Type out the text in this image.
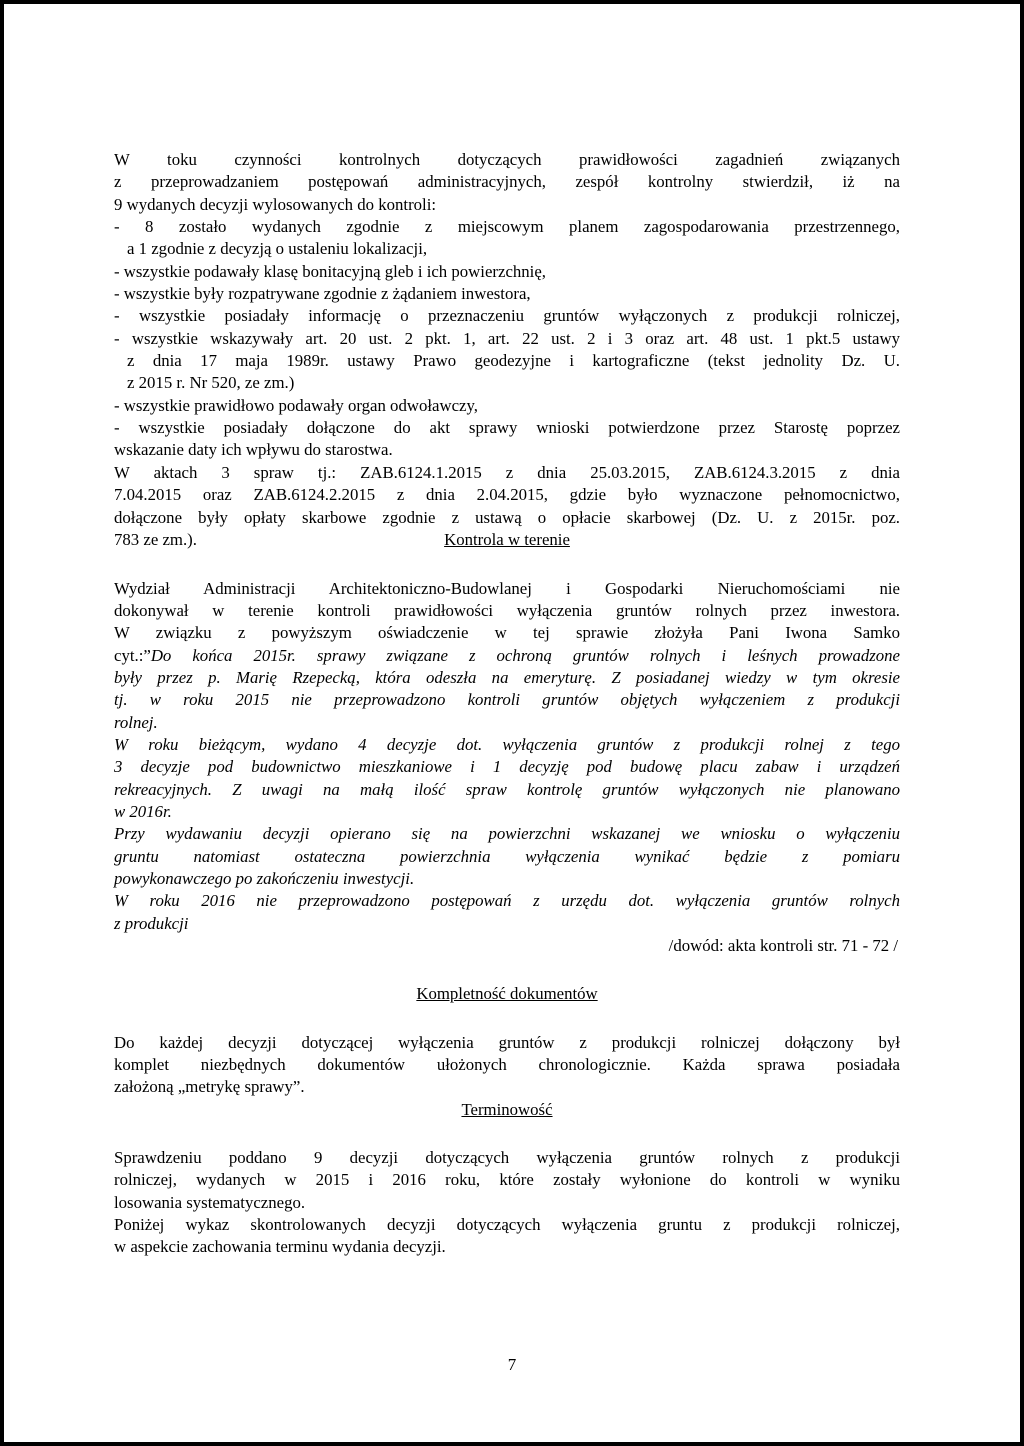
W toku czynności kontrolnych dotyczących prawidłowości zagadnień związanych

z przeprowadzaniem postępowań administracyjnych, zespół kontrolny stwierdził, iż na

9 wydanych decyzji wylosowanych do kontroli:

- 8 zostało wydanych zgodnie z miejscowym planem zagospodarowania przestrzennego,

a 1 zgodnie z decyzją o ustaleniu lokalizacji,

- wszystkie podawały klasę bonitacyjną gleb i ich powierzchnię,

- wszystkie były rozpatrywane zgodnie z żądaniem inwestora,

- wszystkie posiadały informację o przeznaczeniu gruntów wyłączonych z produkcji rolniczej,

- wszystkie wskazywały art. 20 ust. 2 pkt. 1, art. 22 ust. 2 i 3 oraz art. 48 ust. 1 pkt.5 ustawy

z dnia 17 maja 1989r. ustawy Prawo geodezyjne i kartograficzne (tekst jednolity Dz. U.

z 2015 r. Nr 520, ze zm.)

- wszystkie prawidłowo podawały organ odwoławczy,

- wszystkie posiadały dołączone do akt sprawy wnioski potwierdzone przez Starostę poprzez

wskazanie daty ich wpływu do starostwa.

W aktach 3 spraw tj.: ZAB.6124.1.2015 z dnia 25.03.2015, ZAB.6124.3.2015 z dnia

7.04.2015 oraz ZAB.6124.2.2015 z dnia 2.04.2015, gdzie było wyznaczone pełnomocnictwo,

dołączone były opłaty skarbowe zgodnie z ustawą o opłacie skarbowej (Dz. U. z 2015r. poz.

783 ze zm.).	Kontrola w terenie

Wydział Administracji Architektoniczno-Budowlanej i Gospodarki Nieruchomościami nie

dokonywał w terenie kontroli prawidłowości wyłączenia gruntów rolnych przez inwestora.

W związku z powyższym oświadczenie w tej sprawie złożyła Pani Iwona Samko

cyt.:”Do końca 2015r. sprawy związane z ochroną gruntów rolnych i leśnych prowadzone

były przez p. Marię Rzepecką, która odeszła na emeryturę. Z posiadanej wiedzy w tym okresie

tj. w roku 2015 nie przeprowadzono kontroli gruntów objętych wyłączeniem z produkcji

rolnej.

W roku bieżącym, wydano 4 decyzje dot. wyłączenia gruntów z produkcji rolnej z tego

3 decyzje pod budownictwo mieszkaniowe i 1 decyzję pod budowę placu zabaw i urządzeń

rekreacyjnych. Z uwagi na małą ilość spraw kontrolę gruntów wyłączonych nie planowano

w 2016r.

Przy wydawaniu decyzji opierano się na powierzchni wskazanej we wniosku o wyłączeniu

gruntu natomiast ostateczna powierzchnia wyłączenia wynikać będzie z pomiaru

powykonawczego po zakończeniu inwestycji.

W roku 2016 nie przeprowadzono postępowań z urzędu dot. wyłączenia gruntów rolnych

z produkcji

/dowód: akta kontroli str. 71 - 72 /

Kompletność dokumentów

Do każdej decyzji dotyczącej wyłączenia gruntów z produkcji rolniczej dołączony był

komplet niezbędnych dokumentów ułożonych chronologicznie. Każda sprawa posiadała

założoną „metrykę sprawy”.

Terminowość

Sprawdzeniu poddano 9 decyzji dotyczących wyłączenia gruntów rolnych z produkcji

rolniczej, wydanych w 2015 i 2016 roku, które zostały wyłonione do kontroli w wyniku

losowania systematycznego.

Poniżej wykaz skontrolowanych decyzji dotyczących wyłączenia gruntu z produkcji rolniczej,

w aspekcie zachowania terminu wydania decyzji.

7
